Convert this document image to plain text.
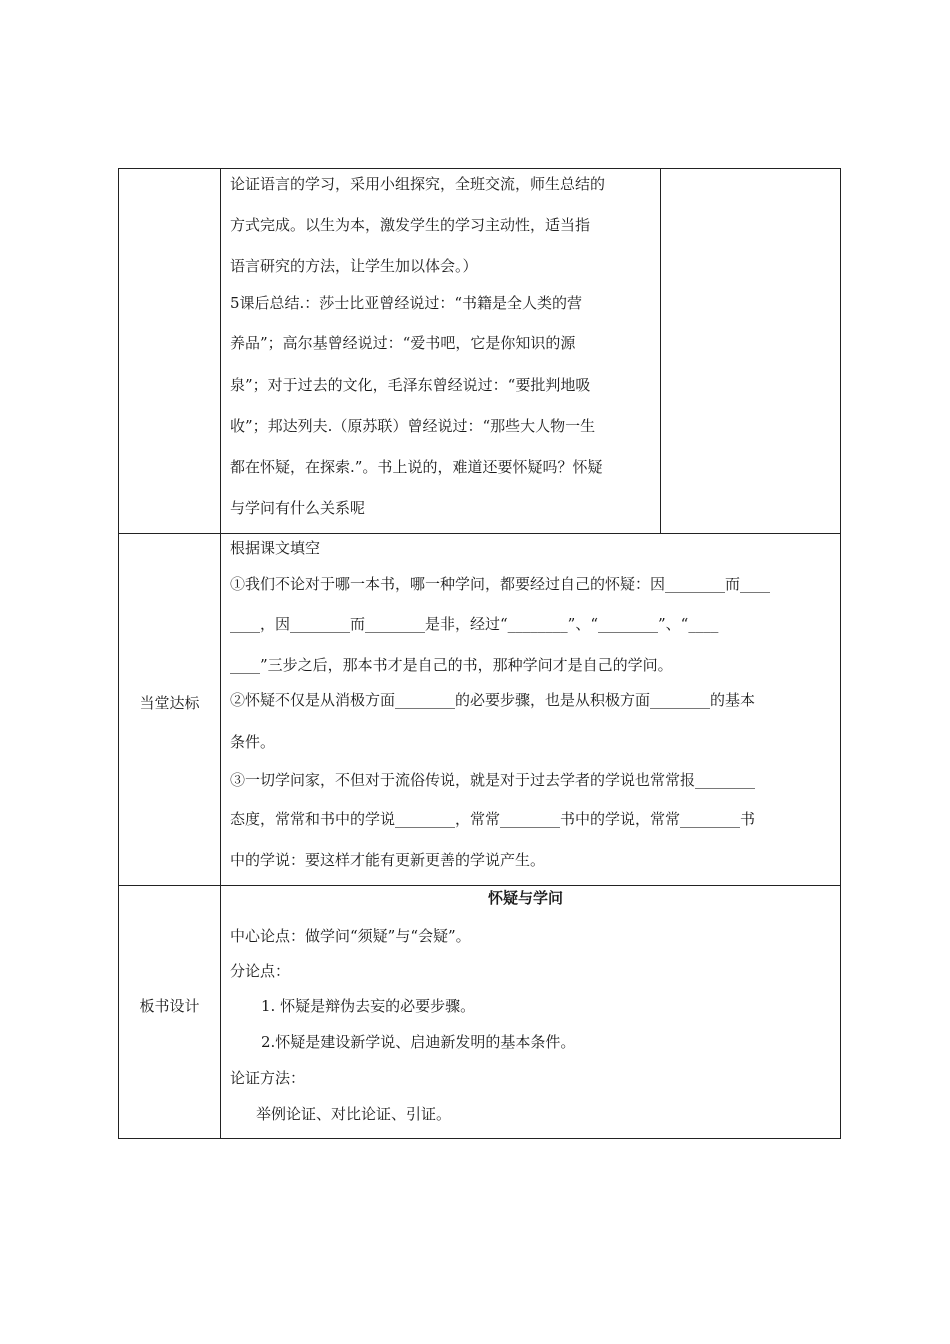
论证语言的学习，采用小组探究，全班交流，师生总结的
方式完成。以生为本，激发学生的学习主动性，适当指
语言研究的方法，让学生加以体会。）
5课后总结.：莎士比亚曾经说过：“书籍是全人类的营
养品”；高尔基曾经说过：“爱书吧，它是你知识的源
泉”；对于过去的文化，毛泽东曾经说过：“要批判地吸
收”；邦达列夫.（原苏联）曾经说过：“那些大人物一生
都在怀疑，在探索.”。书上说的，难道还要怀疑吗？怀疑
与学问有什么关系呢
当堂达标
根据课文填空
①我们不论对于哪一本书，哪一种学问，都要经过自己的怀疑：因________而____
____，因________而________是非，经过“________”、“________”、“____
____”三步之后，那本书才是自己的书，那种学问才是自己的学问。
②怀疑不仅是从消极方面________的必要步骤，也是从积极方面________的基本
条件。
③一切学问家，不但对于流俗传说，就是对于过去学者的学说也常常报________
态度，常常和书中的学说________，常常________书中的学说，常常________书
中的学说：要这样才能有更新更善的学说产生。
板书设计
怀疑与学问
中心论点：做学问“须疑”与“会疑”。
分论点：
1. 怀疑是辩伪去妄的必要步骤。
2.怀疑是建设新学说、启迪新发明的基本条件。
论证方法：
举例论证、对比论证、引证。
